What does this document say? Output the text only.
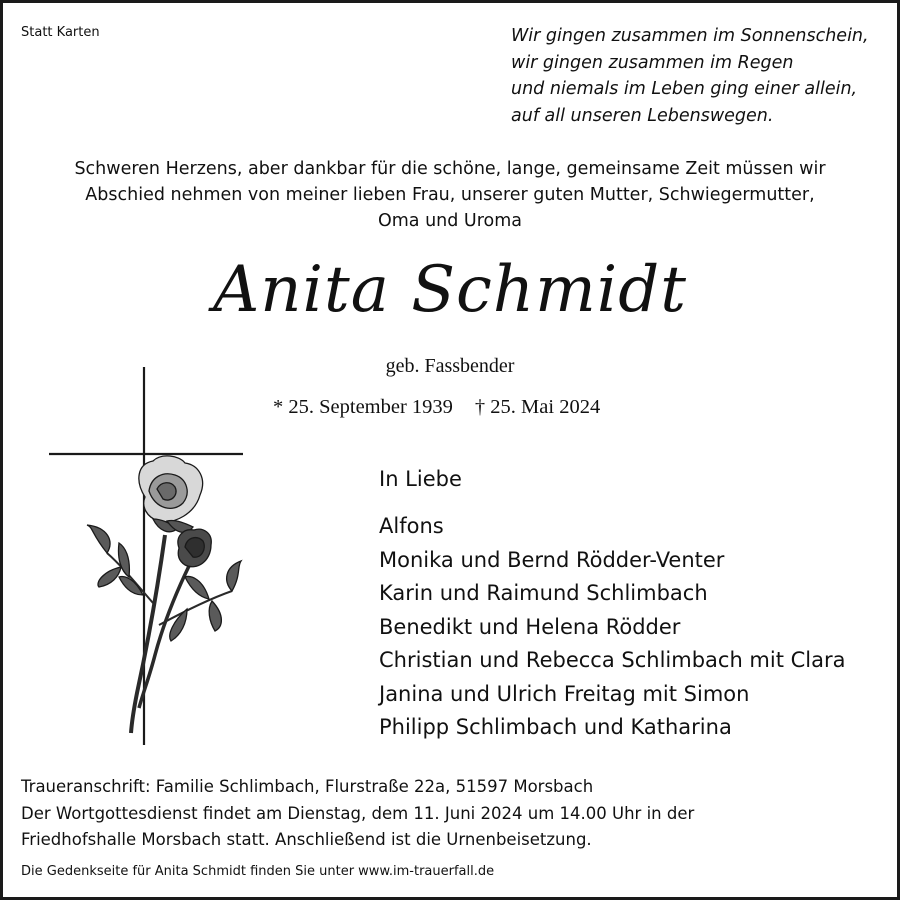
Statt Karten	Wir gingen zusammen im Sonnenschein,
wir gingen zusammen im Regen
und niemals im Leben ging einer allein,
auf all unseren Lebenswegen.
Schweren Herzens, aber dankbar für die schöne, lange, gemeinsame Zeit müssen wir
Abschied nehmen von meiner lieben Frau, unserer guten Mutter, Schwiegermutter,
Oma und Uroma
Anita Schmidt
geb. Fassbender
* 25. September 1939 † 25. Mai 2024
In Liebe
Alfons
Monika und Bernd Rödder-Venter
Karin und Raimund Schlimbach
Benedikt und Helena Rödder
Christian und Rebecca Schlimbach mit Clara
Janina und Ulrich Freitag mit Simon
Philipp Schlimbach und Katharina
Traueranschrift: Familie Schlimbach, Flurstraße 22a, 51597 Morsbach
Der Wortgottesdienst findet am Dienstag, dem 11. Juni 2024 um 14.00 Uhr in der
Friedhofshalle Morsbach statt. Anschließend ist die Urnenbeisetzung.
Die Gedenkseite für Anita Schmidt finden Sie unter www.im-trauerfall.de
